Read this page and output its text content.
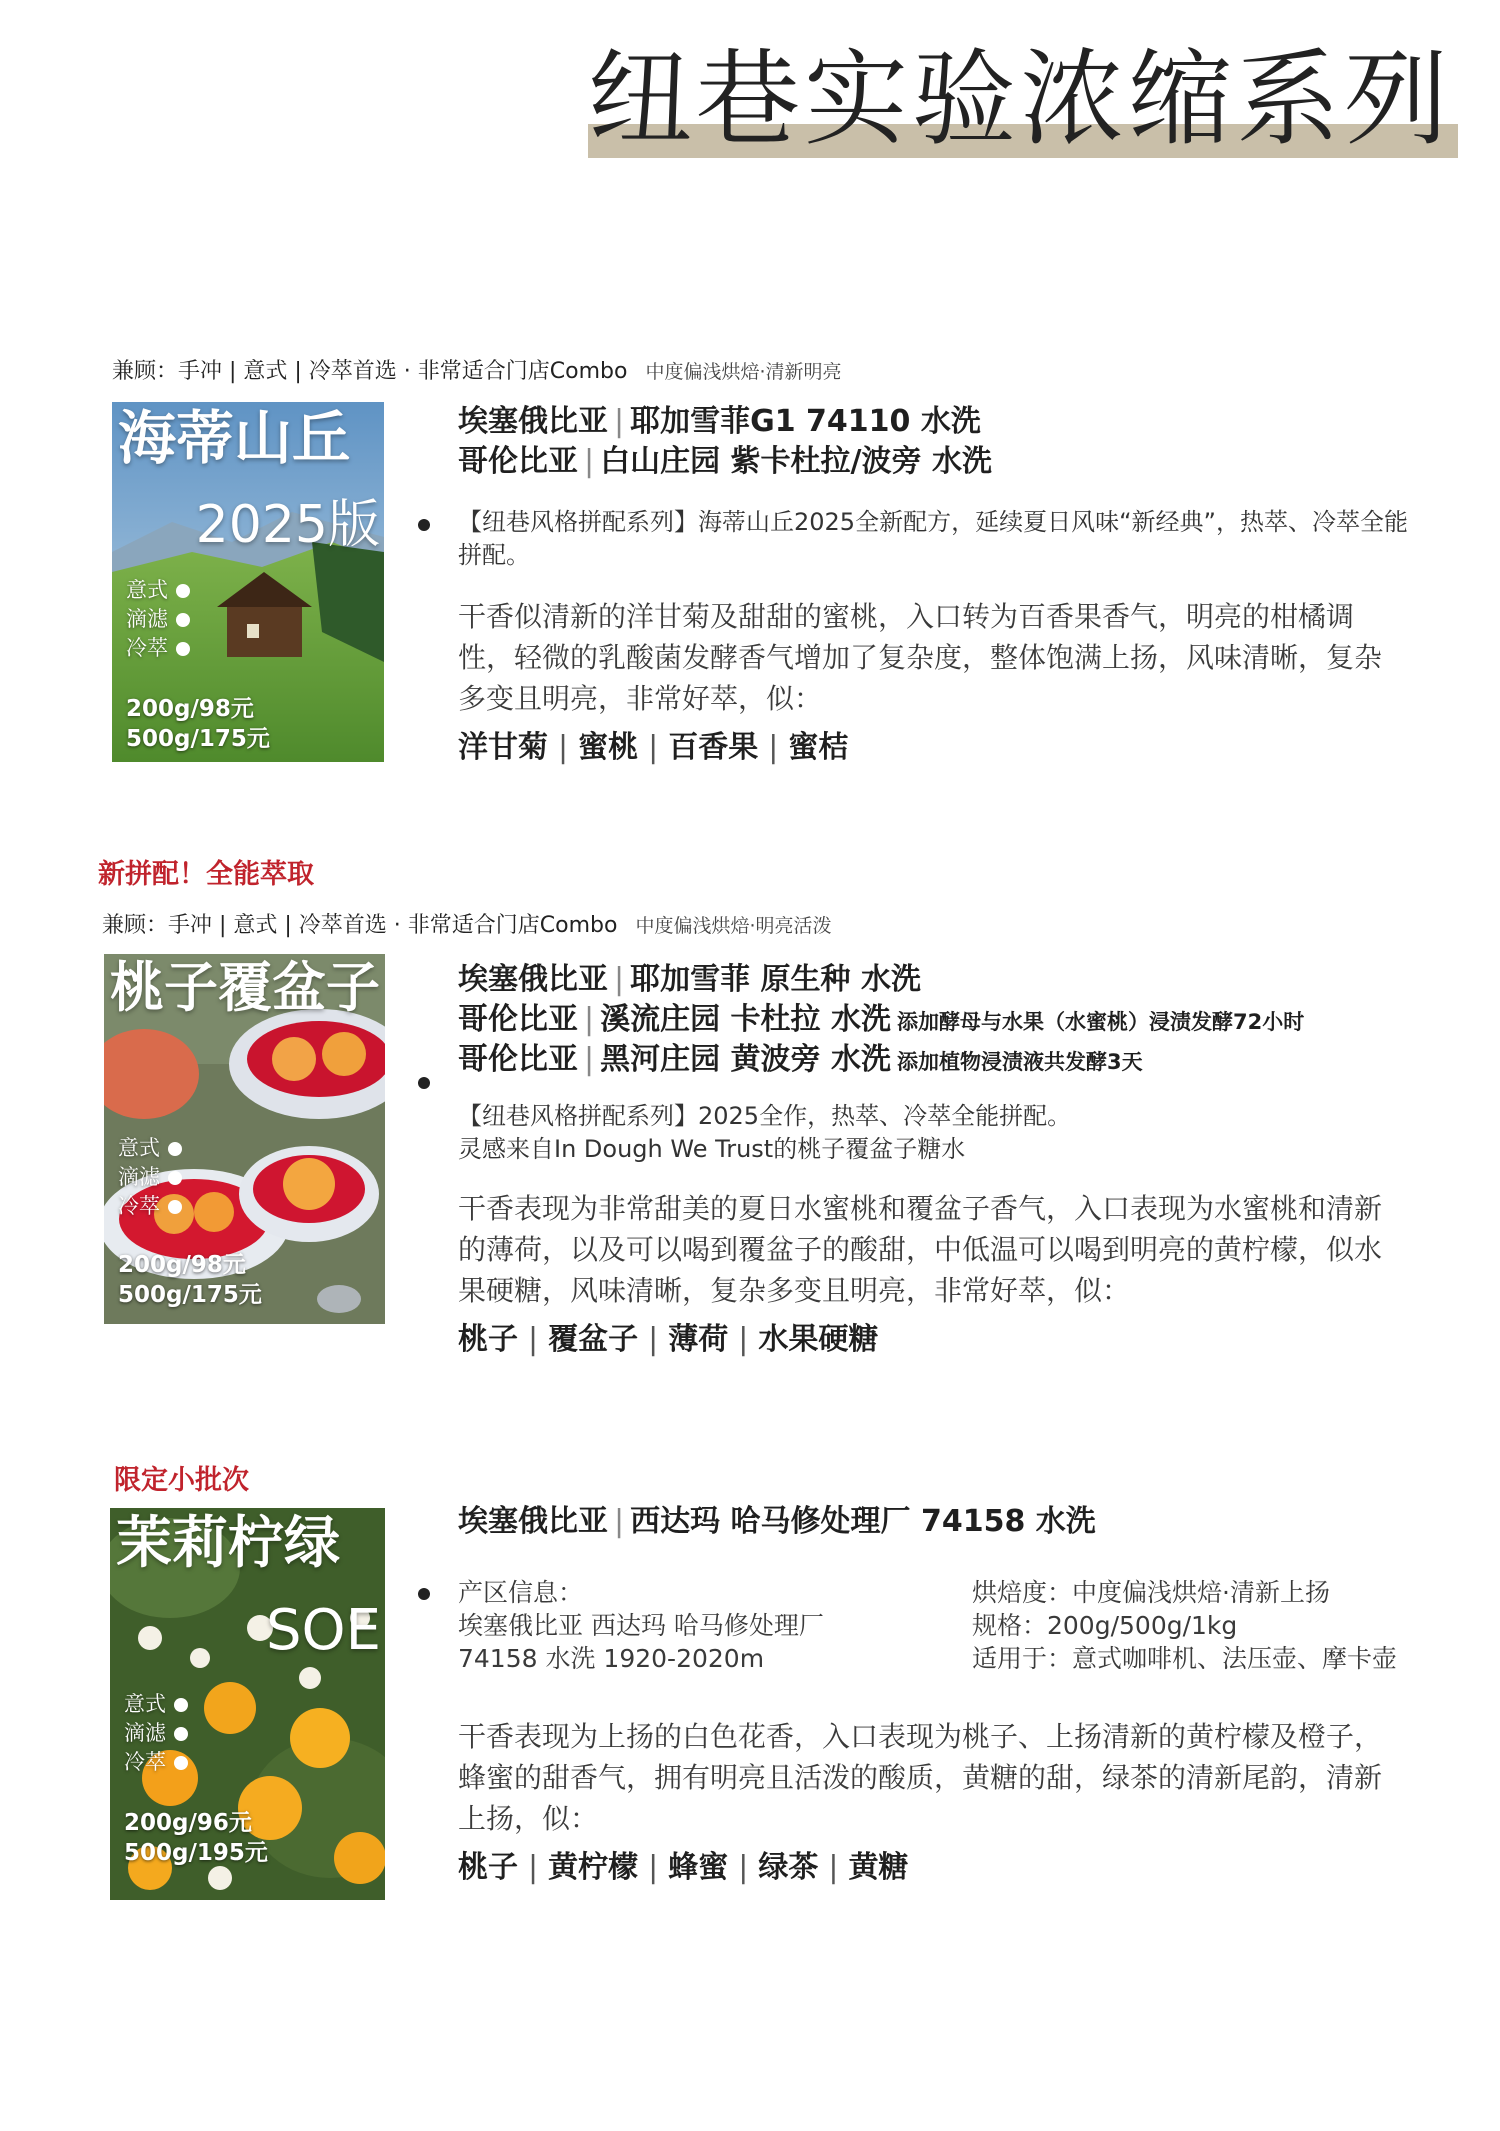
纽巷实验浓缩系列
兼顾：手冲 | 意式 | 冷萃首选 · 非常适合门店Combo 中度偏浅烘焙·清新明亮
海蒂山丘
2025版
意式
滴滤
冷萃
200g/98元
500g/175元
埃塞俄比亚 | 耶加雪菲G1 74110 水洗
哥伦比亚 | 白山庄园 紫卡杜拉/波旁 水洗
【纽巷风格拼配系列】海蒂山丘2025全新配方，延续夏日风味“新经典”，热萃、冷萃全能拼配。
干香似清新的洋甘菊及甜甜的蜜桃，入口转为百香果香气，明亮的柑橘调性，轻微的乳酸菌发酵香气增加了复杂度，整体饱满上扬，风味清晰，复杂多变且明亮，非常好萃，似：
洋甘菊 | 蜜桃 | 百香果 | 蜜桔
新拼配！全能萃取
兼顾：手冲 | 意式 | 冷萃首选 · 非常适合门店Combo 中度偏浅烘焙·明亮活泼
桃子覆盆子
意式
滴滤
冷萃
200g/98元
500g/175元
埃塞俄比亚 | 耶加雪菲 原生种 水洗
哥伦比亚 | 溪流庄园 卡杜拉 水洗 添加酵母与水果（水蜜桃）浸渍发酵72小时
哥伦比亚 | 黑河庄园 黄波旁 水洗 添加植物浸渍液共发酵3天
【纽巷风格拼配系列】2025全作，热萃、冷萃全能拼配。
灵感来自In Dough We Trust的桃子覆盆子糖水
干香表现为非常甜美的夏日水蜜桃和覆盆子香气，入口表现为水蜜桃和清新的薄荷，以及可以喝到覆盆子的酸甜，中低温可以喝到明亮的黄柠檬，似水果硬糖，风味清晰，复杂多变且明亮，非常好萃，似：
桃子 | 覆盆子 | 薄荷 | 水果硬糖
限定小批次
茉莉柠绿
SOE
意式
滴滤
冷萃
200g/96元
500g/195元
埃塞俄比亚 | 西达玛 哈马修处理厂 74158 水洗
产区信息：
埃塞俄比亚 西达玛 哈马修处理厂
74158 水洗 1920-2020m
烘焙度：中度偏浅烘焙·清新上扬
规格：200g/500g/1kg
适用于：意式咖啡机、法压壶、摩卡壶
干香表现为上扬的白色花香，入口表现为桃子、上扬清新的黄柠檬及橙子，蜂蜜的甜香气，拥有明亮且活泼的酸质，黄糖的甜，绿茶的清新尾韵，清新上扬，似：
桃子 | 黄柠檬 | 蜂蜜 | 绿茶 | 黄糖
